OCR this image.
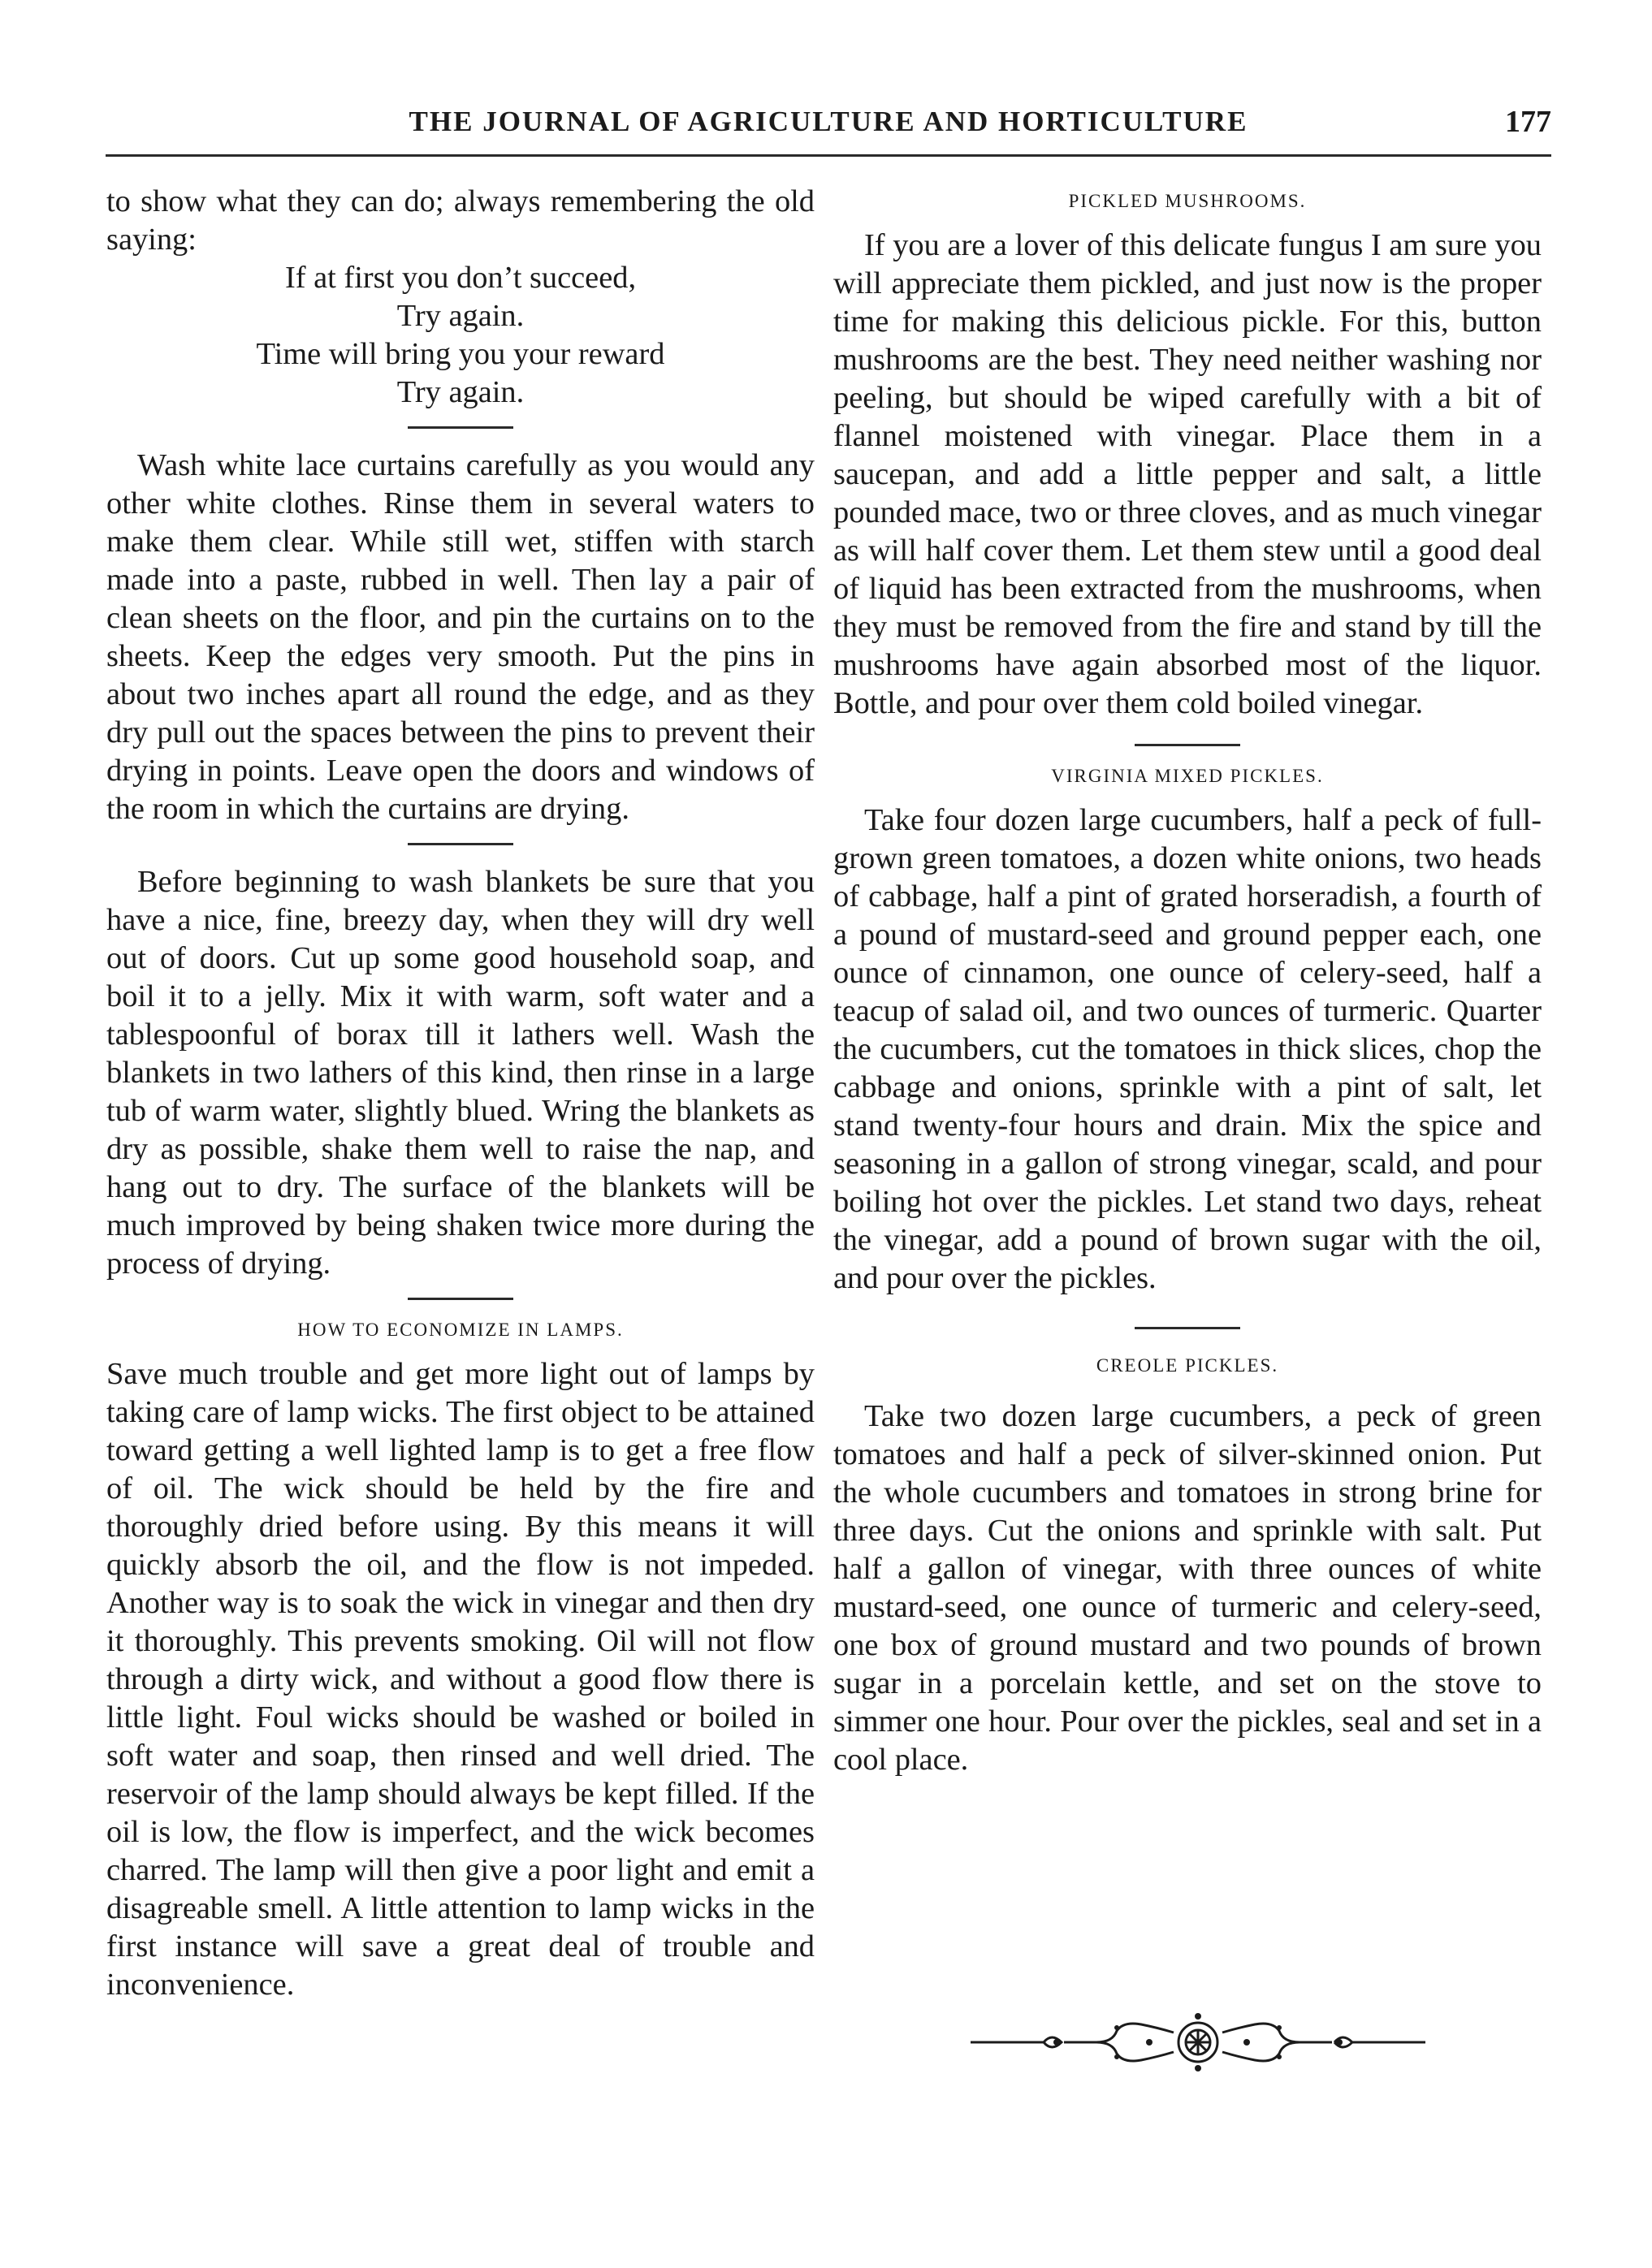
THE JOURNAL OF AGRICULTURE AND HORTICULTURE	177

to show what they can do; always remembering the old saying:

If at first you don’t succeed,
Try again.
Time will bring you your reward
Try again.

Wash white lace curtains carefully as you would any other white clothes. Rinse them in several waters to make them clear. While still wet, stiffen with starch made into a paste, rubbed in well. Then lay a pair of clean sheets on the floor, and pin the curtains on to the sheets. Keep the edges very smooth. Put the pins in about two inches apart all round the edge, and as they dry pull out the spaces between the pins to prevent their drying in points. Leave open the doors and windows of the room in which the curtains are drying.

Before beginning to wash blankets be sure that you have a nice, fine, breezy day, when they will dry well out of doors. Cut up some good household soap, and boil it to a jelly. Mix it with warm, soft water and a tablespoonful of borax till it lathers well. Wash the blankets in two lathers of this kind, then rinse in a large tub of warm water, slightly blued. Wring the blankets as dry as possible, shake them well to raise the nap, and hang out to dry. The surface of the blankets will be much improved by being shaken twice more during the process of drying.

HOW TO ECONOMIZE IN LAMPS.

Save much trouble and get more light out of lamps by taking care of lamp wicks. The first object to be attained toward getting a well lighted lamp is to get a free flow of oil. The wick should be held by the fire and thoroughly dried before using. By this means it will quickly absorb the oil, and the flow is not impeded. Another way is to soak the wick in vinegar and then dry it thoroughly. This prevents smoking. Oil will not flow through a dirty wick, and without a good flow there is little light. Foul wicks should be washed or boiled in soft water and soap, then rinsed and well dried. The reservoir of the lamp should always be kept filled. If the oil is low, the flow is imperfect, and the wick becomes charred. The lamp will then give a poor light and emit a disagreable smell. A little attention to lamp wicks in the first instance will save a great deal of trouble and inconvenience.

PICKLED MUSHROOMS.

If you are a lover of this delicate fungus I am sure you will appreciate them pickled, and just now is the proper time for making this delicious pickle. For this, button mushrooms are the best. They need neither washing nor peeling, but should be wiped carefully with a bit of flannel moistened with vinegar. Place them in a saucepan, and add a little pepper and salt, a little pounded mace, two or three cloves, and as much vinegar as will half cover them. Let them stew until a good deal of liquid has been extracted from the mushrooms, when they must be removed from the fire and stand by till the mushrooms have again absorbed most of the liquor. Bottle, and pour over them cold boiled vinegar.

VIRGINIA MIXED PICKLES.

Take four dozen large cucumbers, half a peck of full-grown green tomatoes, a dozen white onions, two heads of cabbage, half a pint of grated horseradish, a fourth of a pound of mustard-seed and ground pepper each, one ounce of cinnamon, one ounce of celery-seed, half a teacup of salad oil, and two ounces of turmeric. Quarter the cucumbers, cut the tomatoes in thick slices, chop the cabbage and onions, sprinkle with a pint of salt, let stand twenty-four hours and drain. Mix the spice and seasoning in a gallon of strong vinegar, scald, and pour boiling hot over the pickles. Let stand two days, reheat the vinegar, add a pound of brown sugar with the oil, and pour over the pickles.

CREOLE PICKLES.

Take two dozen large cucumbers, a peck of green tomatoes and half a peck of silver-skinned onion. Put the whole cucumbers and tomatoes in strong brine for three days. Cut the onions and sprinkle with salt. Put half a gallon of vinegar, with three ounces of white mustard-seed, one ounce of turmeric and celery-seed, one box of ground mustard and two pounds of brown sugar in a porcelain kettle, and set on the stove to simmer one hour. Pour over the pickles, seal and set in a cool place.
